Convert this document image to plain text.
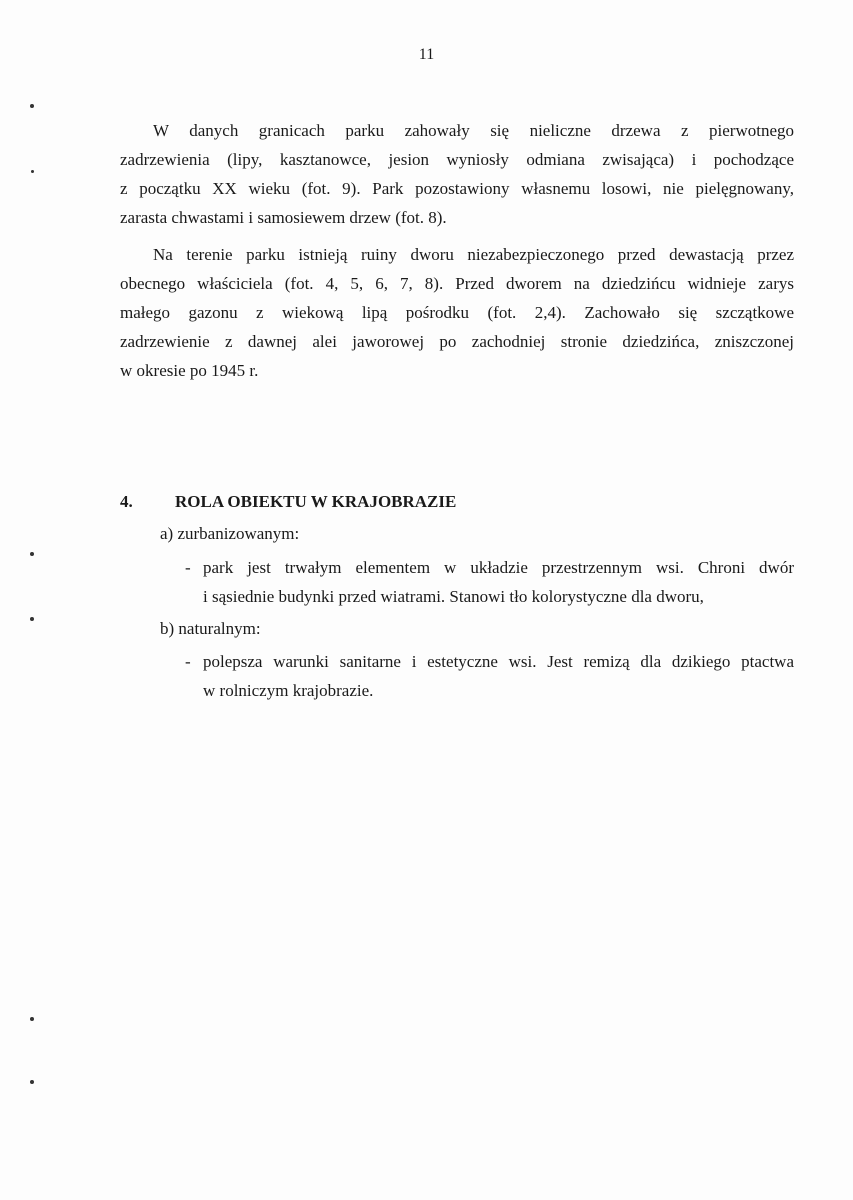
11

W danych granicach parku zahowały się nieliczne drzewa z pierwotnego
zadrzewienia (lipy, kasztanowce, jesion wyniosły odmiana zwisająca) i pochodzące
z początku XX wieku (fot. 9). Park pozostawiony własnemu losowi, nie pielęgnowany,
zarasta chwastami i samosiewem drzew (fot. 8).

Na terenie parku istnieją ruiny dworu niezabezpieczonego przed dewastacją przez
obecnego właściciela (fot. 4, 5, 6, 7, 8). Przed dworem na dziedzińcu widnieje zarys
małego gazonu z wiekową lipą pośrodku (fot. 2,4). Zachowało się szczątkowe
zadrzewienie z dawnej alei jaworowej po zachodniej stronie dziedzińca, zniszczonej
w okresie po 1945 r.

4.	ROLA OBIEKTU W KRAJOBRAZIE
a) zurbanizowanym:
- park jest trwałym elementem w układzie przestrzennym wsi. Chroni dwór
i sąsiednie budynki przed wiatrami. Stanowi tło kolorystyczne dla dworu,
b) naturalnym:
- polepsza warunki sanitarne i estetyczne wsi. Jest remizą dla dzikiego ptactwa
w rolniczym krajobrazie.
